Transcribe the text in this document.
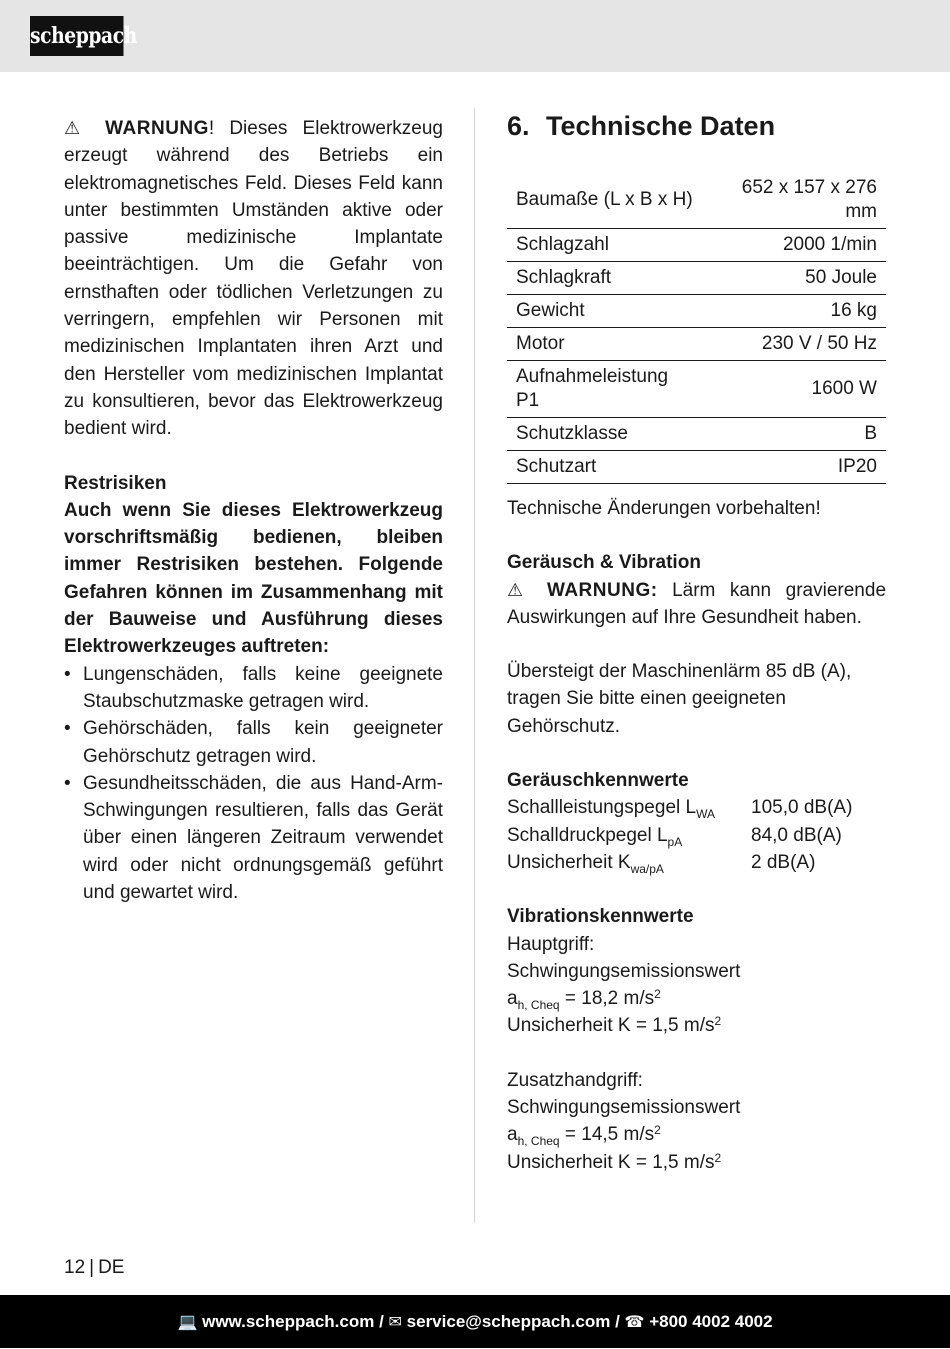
scheppach

⚠ WARNUNG! Dieses Elektrowerkzeug erzeugt während des Betriebs ein elektromagnetisches Feld. Dieses Feld kann unter bestimmten Umständen aktive oder passive medizinische Implantate beeinträchtigen. Um die Gefahr von ernsthaften oder tödlichen Verletzungen zu verringern, empfehlen wir Personen mit medizinischen Implantaten ihren Arzt und den Hersteller vom medizinischen Implantat zu konsultieren, bevor das Elektrowerkzeug bedient wird.

Restrisiken

Auch wenn Sie dieses Elektrowerkzeug vorschriftsmäßig bedienen, bleiben immer Restrisiken bestehen. Folgende Gefahren können im Zusammenhang mit der Bauweise und Ausführung dieses Elektrowerkzeuges auftreten:

• Lungenschäden, falls keine geeignete Staubschutzmaske getragen wird.
• Gehörschäden, falls kein geeigneter Gehörschutz getragen wird.
• Gesundheitsschäden, die aus Hand-Arm-Schwingungen resultieren, falls das Gerät über einen längeren Zeitraum verwendet wird oder nicht ordnungsgemäß geführt und gewartet wird.
6. Technische Daten
Baumaße (L x B x H)	652 x 157 x 276 mm
Schlagzahl	2000 1/min
Schlagkraft	50 Joule
Gewicht	16 kg
Motor	230 V / 50 Hz
Aufnahmeleistung P1	1600 W
Schutzklasse	B
Schutzart	IP20

Technische Änderungen vorbehalten!

Geräusch & Vibration

⚠ WARNUNG: Lärm kann gravierende Auswirkungen auf Ihre Gesundheit haben.

Übersteigt der Maschinenlärm 85 dB (A), tragen Sie bitte einen geeigneten Gehörschutz.

Geräuschkennwerte

Schallleistungspegel $L_{WA}$	105,0 dB(A)
Schalldruckpegel $L_{pA}$	84,0 dB(A)
Unsicherheit $K_{wa/pA}$	2 dB(A)

Vibrationskennwerte

Hauptgriff:

Schwingungsemissionswert

$a_{h, Cheq} = 18,2$ $m/s^2$

Unsicherheit K = 1,5 $m/s^2$

Zusatzhandgriff:

Schwingungsemissionswert

$a_{h, Cheq} = 14,5$ $m/s^2$

Unsicherheit K = 1,5 $m/s^2$

12 | DE
💻 www.scheppach.com / ✉ service@scheppach.com / ☎ +800 4002 4002
